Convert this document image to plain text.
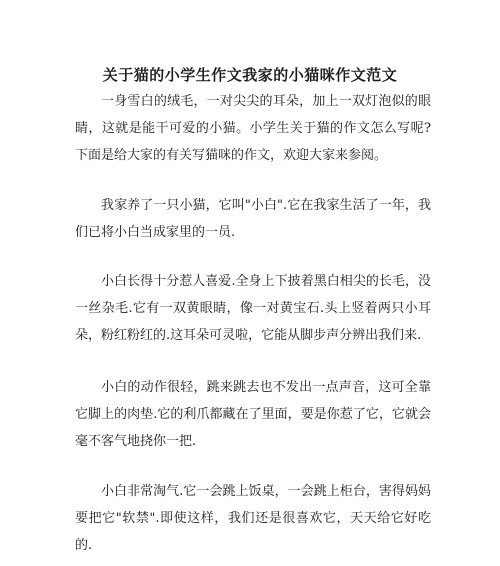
关于猫的小学生作文我家的小猫咪作文范文

一身雪白的绒毛，一对尖尖的耳朵，加上一双灯泡似的眼睛，这就是能干可爱的小猫。小学生关于猫的作文怎么写呢?下面是给大家的有关写猫咪的作文，欢迎大家来参阅。

我家养了一只小猫，它叫"小白".它在我家生活了一年，我们已将小白当成家里的一员.

小白长得十分惹人喜爱.全身上下披着黑白相尖的长毛，没一丝杂毛.它有一双黄眼睛，像一对黄宝石.头上竖着两只小耳朵，粉红粉红的.这耳朵可灵啦，它能从脚步声分辨出我们来.

小白的动作很轻，跳来跳去也不发出一点声音，这可全靠它脚上的肉垫.它的利爪都藏在了里面，要是你惹了它，它就会毫不客气地挠你一把.

小白非常淘气.它一会跳上饭桌，一会跳上柜台，害得妈妈要把它"软禁".即使这样，我们还是很喜欢它，天天给它好吃的.
